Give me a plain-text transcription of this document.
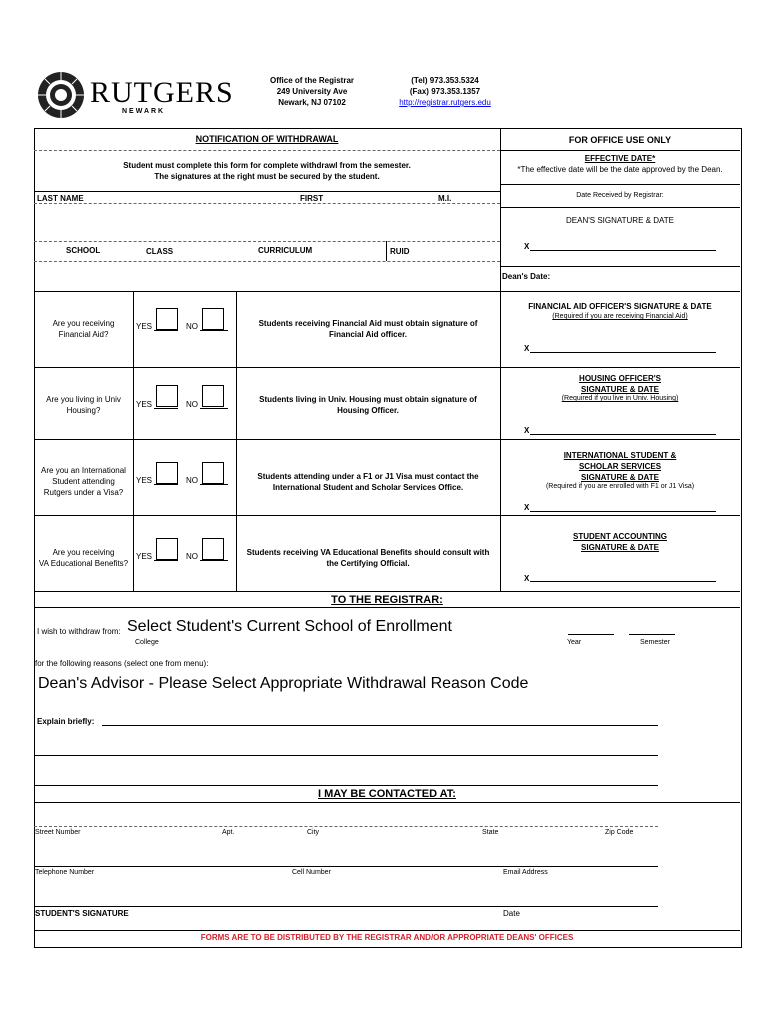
RUTGERS
NEWARK
Office of the Registrar
249 University Ave
Newark, NJ 07102
(Tel) 973.353.5324
(Fax) 973.353.1357
http://registrar.rutgers.edu
NOTIFICATION OF WITHDRAWAL
Student must complete this form for complete withdrawl from the semester.
The signatures at the right must be secured by the student.
LAST NAME	FIRST	M.I.
SCHOOL	CLASS	CURRICULUM	RUID
Are you receiving
Financial Aid?
YES	NO	Students receiving Financial Aid must obtain signature of
Financial Aid officer.
Are you living in Univ
Housing?
YES	NO
Students living in Univ. Housing must obtain signature of
Housing Officer.
Are you an International
Student attending
Rutgers under a Visa?
YES	NO	Students attending under a F1 or J1 Visa must contact the
International Student and Scholar Services Office.
Are you receiving
VA Educational Benefits?
YES	NO	Students receiving VA Educational Benefits should consult with
the Certifying Official.
FOR OFFICE USE ONLY
EFFECTIVE DATE*
*The effective date will be the date approved by the Dean.
Date Received by Registrar:
DEAN'S SIGNATURE & DATE
X
Dean's Date:
FINANCIAL AID OFFICER'S SIGNATURE & DATE
(Required if you are receiving Financial Aid)
X
HOUSING OFFICER'S
SIGNATURE & DATE
(Required if you live in Univ. Housing)
X
INTERNATIONAL STUDENT &
SCHOLAR SERVICES
SIGNATURE & DATE
(Required if you are enrolled with F1 or J1 Visa)
X
STUDENT ACCOUNTING
SIGNATURE & DATE
X
TO THE REGISTRAR:
I wish to withdraw from: Select Student's Current School of Enrollment
College	Year	Semester
for the following reasons (select one from menu):
Dean's Advisor - Please Select Appropriate Withdrawal Reason Code
Explain briefly:
I MAY BE CONTACTED AT:
Street Number	Apt.	City	State	Zip Code
Telephone Number	Cell Number	Email Address
STUDENT'S SIGNATURE	Date
FORMS ARE TO BE DISTRIBUTED BY THE REGISTRAR AND/OR APPROPRIATE DEANS' OFFICES
